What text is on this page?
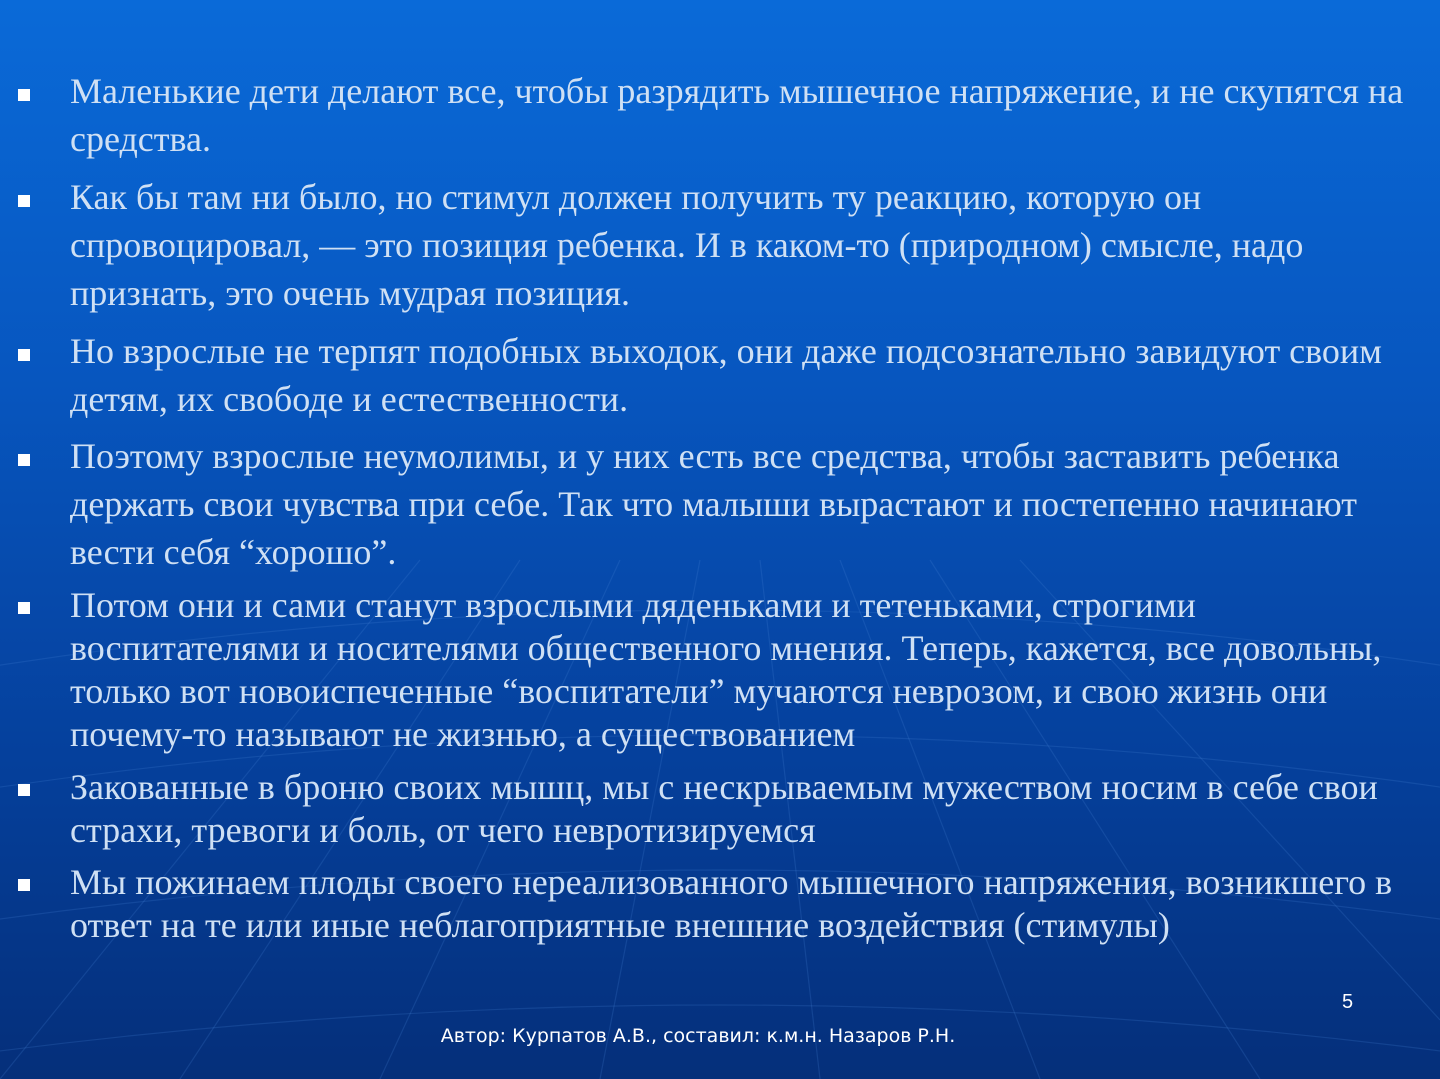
Маленькие дети делают все, чтобы разрядить мышечное напряжение, и не скупятся на средства.
Как бы там ни было, но стимул должен получить ту реакцию, которую он спровоцировал, — это позиция ребенка. И в каком-то (природном) смысле, надо признать, это очень мудрая позиция.
Но взрослые не терпят подобных выходок, они даже подсознательно завидуют своим детям, их свободе и естественности.
Поэтому взрослые неумолимы, и у них есть все средства, чтобы заставить ребенка держать свои чувства при себе. Так что малыши вырастают и постепенно начинают вести себя “хорошо”.
Потом они и сами станут взрослыми дяденьками и тетеньками, строгими воспитателями и носителями общественного мнения. Теперь, кажется, все довольны, только вот новоиспеченные “воспитатели” мучаются неврозом, и свою жизнь они почему-то называют не жизнью, а существованием
Закованные в броню своих мышц, мы с нескрываемым мужеством носим в себе свои страхи, тревоги и боль, от чего невротизируемся
Мы пожинаем плоды своего нереализованного мышечного напряжения, возникшего в ответ на те или иные неблагоприятные внешние воздействия (стимулы)
5
Автор: Курпатов А.В., составил: к.м.н. Назаров Р.Н.
